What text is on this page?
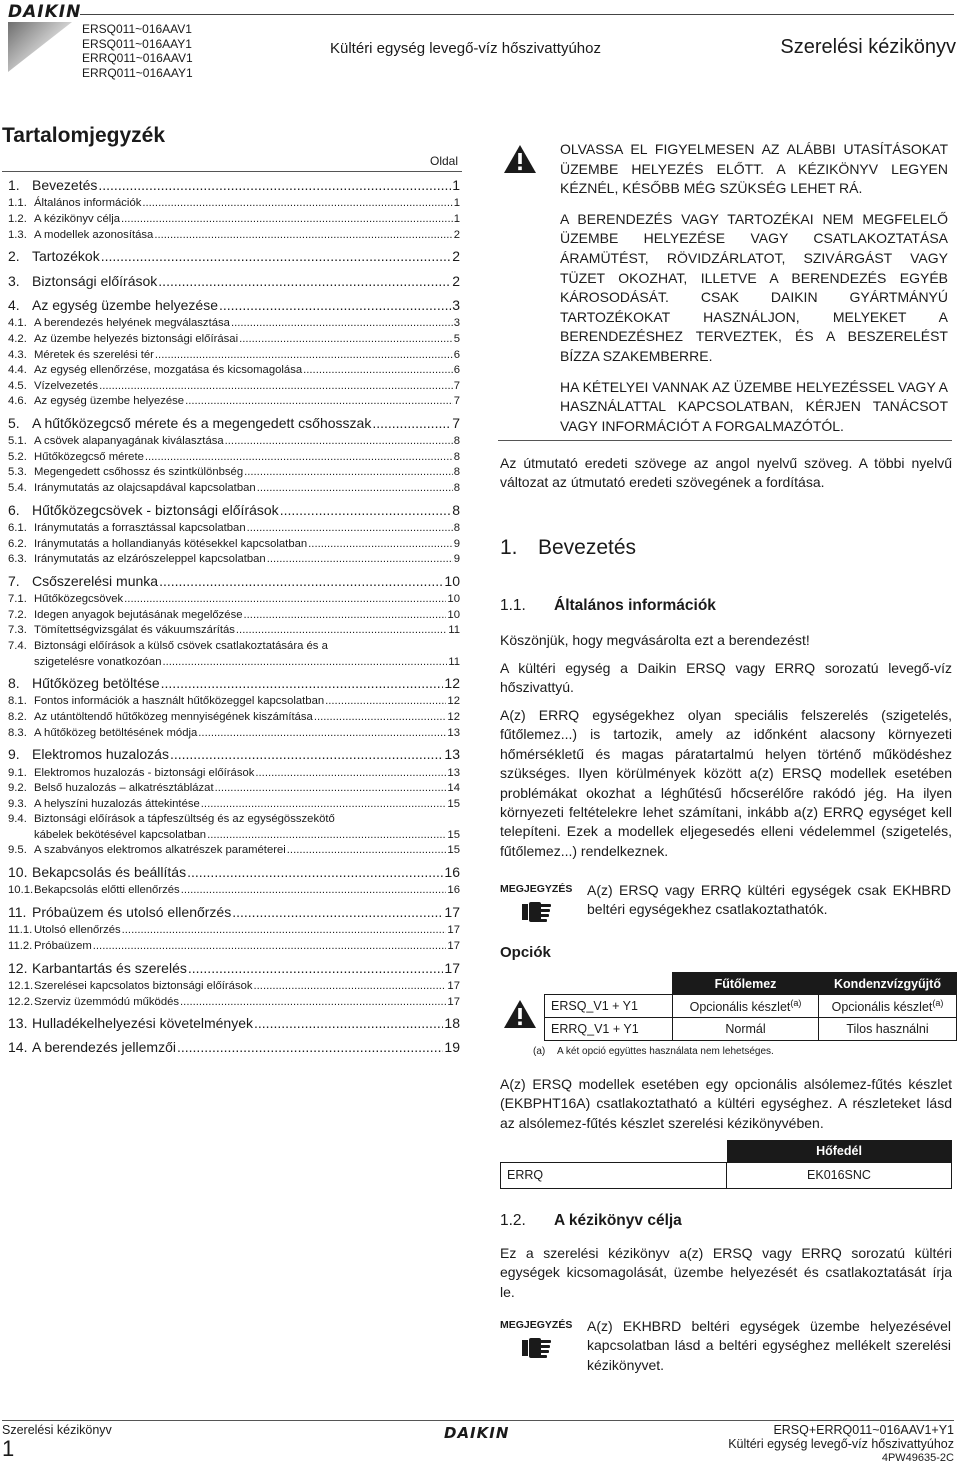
DAIKIN
ERSQ011~016AAV1
ERSQ011~016AAY1
ERRQ011~016AAV1
ERRQ011~016AAY1
Kültéri egység levegő-víz hőszivattyúhoz	Szerelési kézikönyv
Tartalomjegyzék
Oldal
1. Bevezetés .....	1
1.1. Általános információk .....	1
1.2. A kézikönyv célja .....	1
1.3. A modellek azonosítása .....	2
2. Tartozékok .....	2
3. Biztonsági előírások .....	2
4. Az egység üzembe helyezése .....	3
4.1. A berendezés helyének megválasztása .....	3
4.2. Az üzembe helyezés biztonsági előírásai .....	5
4.3. Méretek és szerelési tér .....	6
4.4. Az egység ellenőrzése, mozgatása és kicsomagolása .....	6
4.5. Vízelvezetés .....	7
4.6. Az egység üzembe helyezése .....	7
5. A hűtőközegcső mérete és a megengedett csőhosszak .....	7
5.1. A csövek alapanyagának kiválasztása .....	8
5.2. Hűtőközegcső mérete .....	8
5.3. Megengedett csőhossz és szintkülönbség .....	8
5.4. Iránymutatás az olajcsapdával kapcsolatban .....	8
6. Hűtőközegcsövek - biztonsági előírások .....	8
6.1. Iránymutatás a forrasztással kapcsolatban .....	8
6.2. Iránymutatás a hollandianyás kötésekkel kapcsolatban .....	9
6.3. Iránymutatás az elzárószeleppel kapcsolatban .....	9
7. Csőszerelési munka .....	10
7.1. Hűtőközegcsövek .....	10
7.2. Idegen anyagok bejutásának megelőzése .....	10
7.3. Tömítettségvizsgálat és vákuumszárítás .....	11
7.4. Biztonsági előírások a külső csövek csatlakoztatására és a
szigetelésre vonatkozóan .....	11
8. Hűtőközeg betöltése .....	12
8.1. Fontos információk a használt hűtőközeggel kapcsolatban .....	12
8.2. Az utántöltendő hűtőközeg mennyiségének kiszámítása .....	12
8.3. A hűtőközeg betöltésének módja .....	13
9. Elektromos huzalozás .....	13
9.1. Elektromos huzalozás - biztonsági előírások .....	13
9.2. Belső huzalozás – alkatrésztáblázat .....	14
9.3. A helyszíni huzalozás áttekintése .....	15
9.4. Biztonsági előírások a tápfeszültség és az egységösszekötő
kábelek bekötésével kapcsolatban .....	15
9.5. A szabványos elektromos alkatrészek paraméterei .....	15
10. Bekapcsolás és beállítás .....	16
10.1. Bekapcsolás előtti ellenőrzés .....	16
11. Próbaüzem és utolsó ellenőrzés .....	17
11.1. Utolsó ellenőrzés .....	17
11.2. Próbaüzem .....	17
12. Karbantartás és szerelés .....	17
12.1. Szerelései kapcsolatos biztonsági előírások .....	17
12.2. Szerviz üzemmódú működés .....	17
13. Hulladékelhelyezési követelmények .....	18
14. A berendezés jellemzői .....	19

OLVASSA EL FIGYELMESEN AZ ALÁBBI UTASÍTÁSOKAT ÜZEMBE HELYEZÉS ELŐTT. A KÉZIKÖNYV LEGYEN KÉZNÉL, KÉSŐBB MÉG SZÜKSÉG LEHET RÁ.

A BERENDEZÉS VAGY TARTOZÉKAI NEM MEGFELELŐ ÜZEMBE HELYEZÉSE VAGY CSATLAKOZTATÁSA ÁRAMÜTÉST, RÖVIDZÁRLATOT, SZIVÁRGÁST VAGY TÜZET OKOZHAT, ILLETVE A BERENDEZÉS EGYÉB KÁROSODÁSÁT. CSAK DAIKIN GYÁRTMÁNYÚ TARTOZÉKOKAT HASZNÁLJON, MELYEKET A BERENDEZÉSHEZ TERVEZTEK, ÉS A BESZERELÉST BÍZZA SZAKEMBERRE.

HA KÉTELYEI VANNAK AZ ÜZEMBE HELYEZÉSSEL VAGY A HASZNÁLATTAL KAPCSOLATBAN, KÉRJEN TANÁCSOT VAGY INFORMÁCIÓT A FORGALMAZÓTÓL.

Az útmutató eredeti szövege az angol nyelvű szöveg. A többi nyelvű változat az útmutató eredeti szövegének a fordítása.
1. Bevezetés
1.1. Általános információk
Köszönjük, hogy megvásárolta ezt a berendezést!
A kültéri egység a Daikin ERSQ vagy ERRQ sorozatú levegő-víz hőszivattyú.
A(z) ERRQ egységekhez olyan speciális felszerelés (szigetelés, fűtőlemez...) is tartozik, amely az időnként alacsony környezeti hőmérsékletű és magas páratartalmú helyen történő működéshez szükséges. Ilyen körülmények között a(z) ERSQ modellek esetében problémákat okozhat a léghűtésű hőcserélőre rakódó jég. Ha ilyen környezeti feltételekre lehet számítani, inkább a(z) ERRQ egységet kell telepíteni. Ezek a modellek eljegesedés elleni védelemmel (szigetelés, fűtőlemez...) rendelkeznek.
MEGJEGYZÉS A(z) ERSQ vagy ERRQ kültéri egységek csak EKHBRD beltéri egységekhez csatlakoztathatók.
Opciók
	Fűtőlemez	Kondenzvízgyűjtő
ERSQ_V1 + Y1	Opcionális készlet$^{(a)}$	Opcionális készlet$^{(a)}$
ERRQ_V1 + Y1	Normál	Tilos használni
(a) A két opció együttes használata nem lehetséges.
A(z) ERSQ modellek esetében egy opcionális alsólemez-fűtés készlet (EKBPHT16A) csatlakoztatható a kültéri egységhez. A részleteket lásd az alsólemez-fűtés készlet szerelési kézikönyvében.
	Hőfedél
ERRQ	EK016SNC
1.2. A kézikönyv célja
Ez a szerelési kézikönyv a(z) ERSQ vagy ERRQ sorozatú kültéri egységek kicsomagolását, üzembe helyezését és csatlakoztatását írja le.
MEGJEGYZÉS A(z) EKHBRD beltéri egységek üzembe helyezésével kapcsolatban lásd a beltéri egységhez mellékelt szerelési kézikönyvet.
Szerelési kézikönyv
1
DAIKIN	ERSQ+ERRQ011~016AAV1+Y1
Kültéri egység levegő-víz hőszivattyúhoz
4PW49635-2C
